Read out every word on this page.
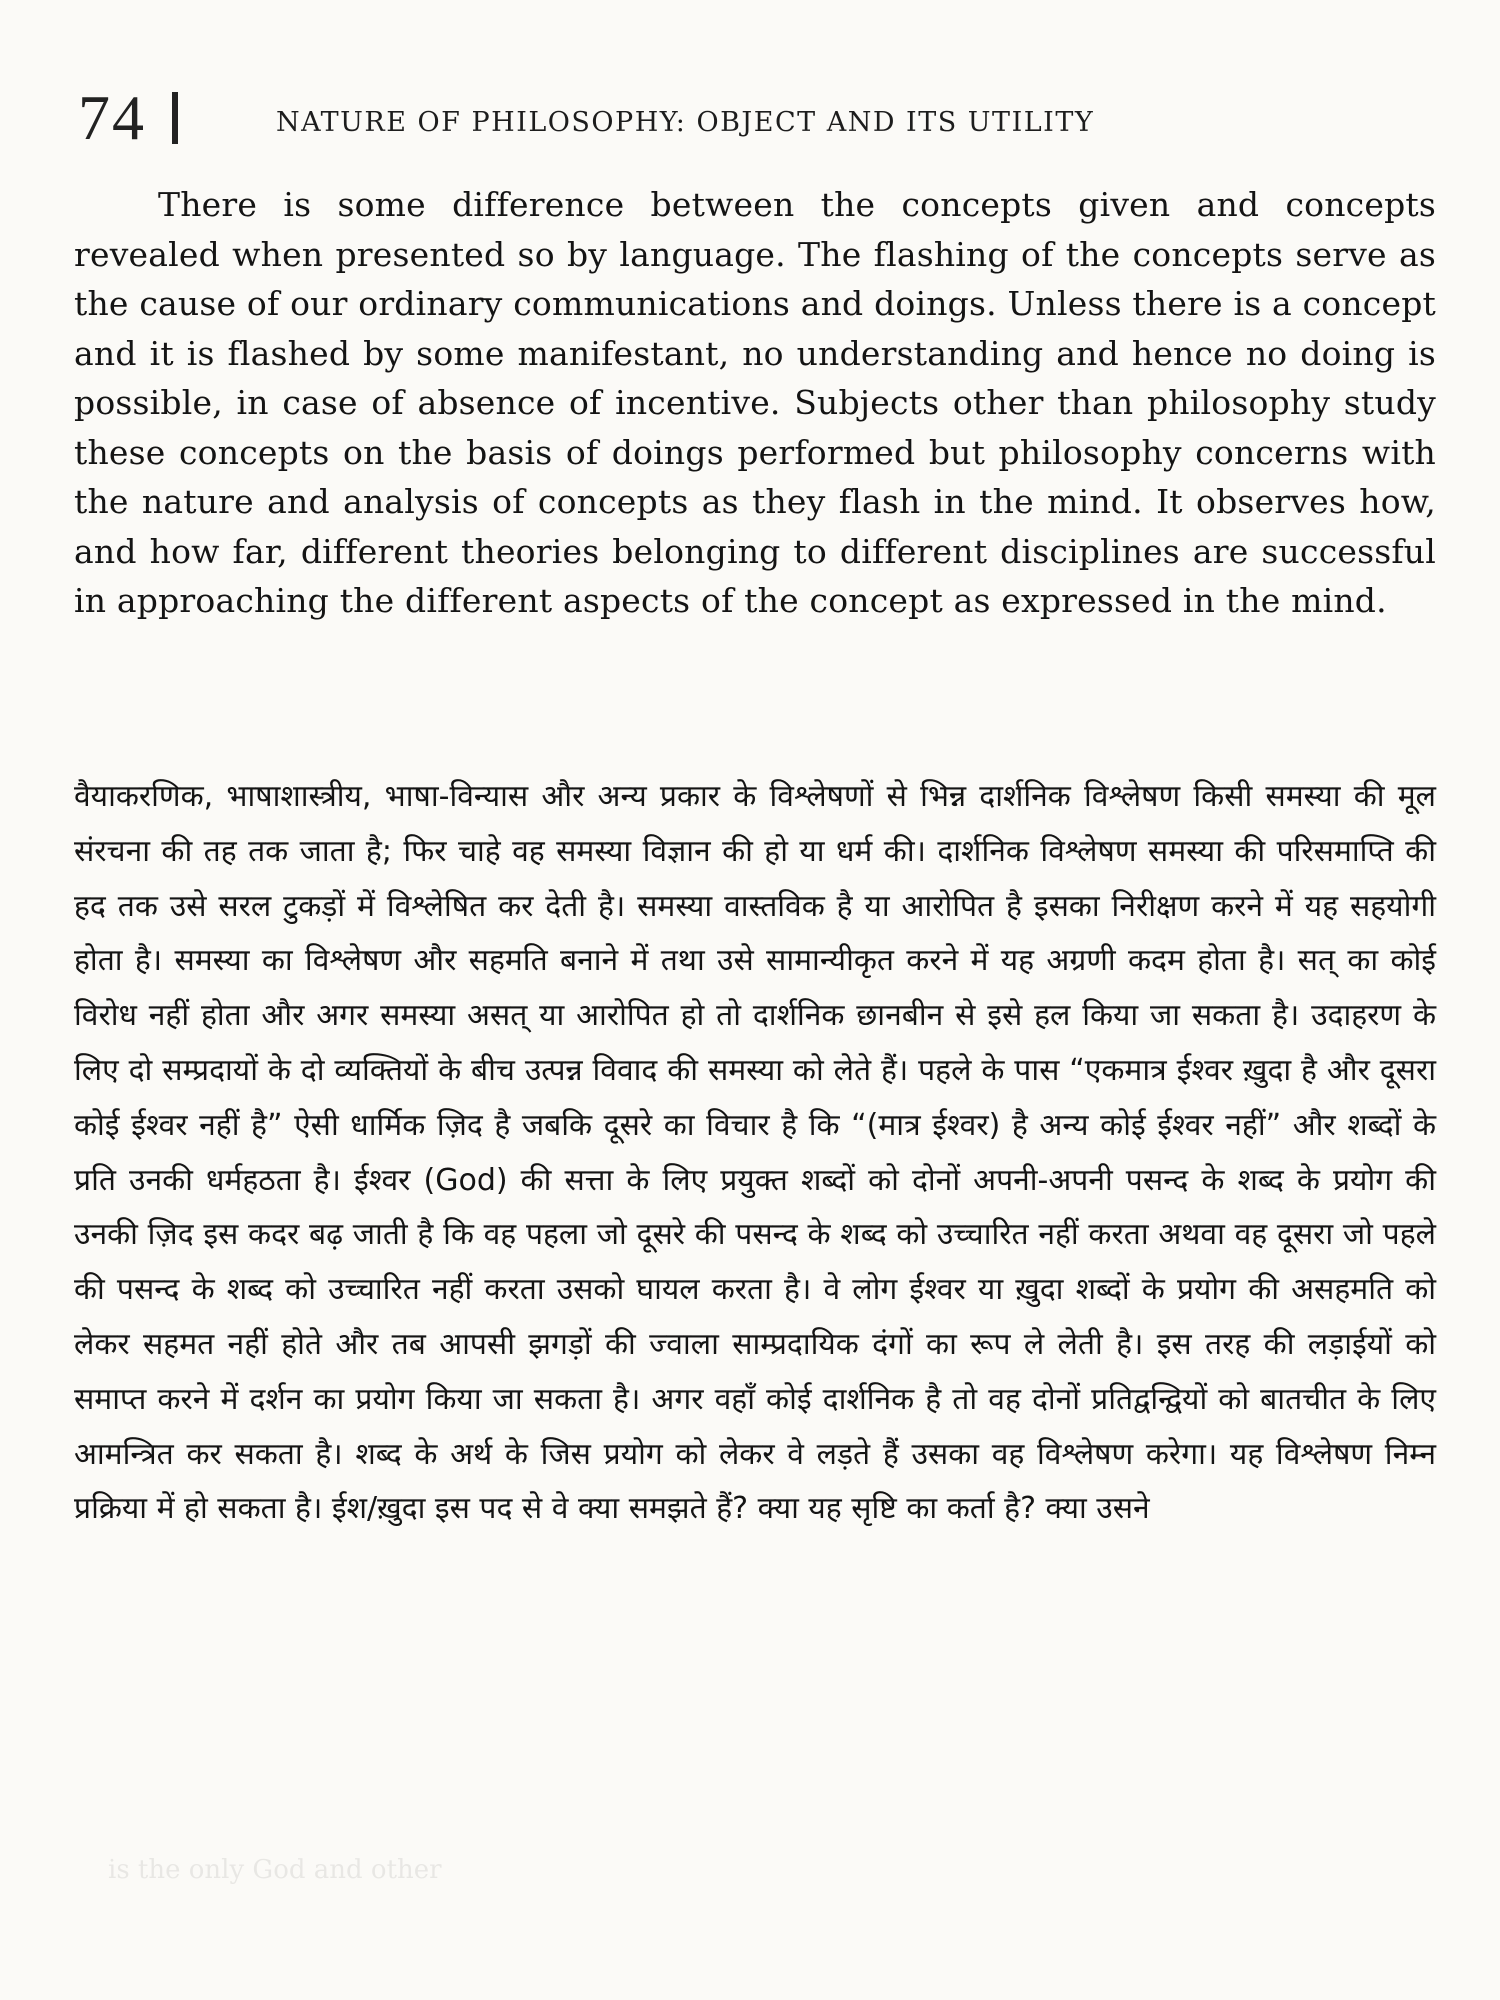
74	NATURE OF PHILOSOPHY: OBJECT AND ITS UTILITY

There is some difference between the concepts given and concepts revealed when presented so by language. The flashing of the concepts serve as the cause of our ordinary communications and doings. Unless there is a concept and it is flashed by some manifestant, no understanding and hence no doing is possible, in case of absence of incentive. Subjects other than philosophy study these concepts on the basis of doings performed but philosophy concerns with the nature and analysis of concepts as they flash in the mind. It observes how, and how far, different theories belonging to different disciplines are successful in approaching the different aspects of the concept as expressed in the mind.

वैयाकरणिक, भाषाशास्त्रीय, भाषा-विन्यास और अन्य प्रकार के विश्लेषणों से भिन्न दार्शनिक विश्लेषण किसी समस्या की मूल संरचना की तह तक जाता है; फिर चाहे वह समस्या विज्ञान की हो या धर्म की। दार्शनिक विश्लेषण समस्या की परिसमाप्ति की हद तक उसे सरल टुकड़ों में विश्लेषित कर देती है। समस्या वास्तविक है या आरोपित है इसका निरीक्षण करने में यह सहयोगी होता है। समस्या का विश्लेषण और सहमति बनाने में तथा उसे सामान्यीकृत करने में यह अग्रणी कदम होता है। सत् का कोई विरोध नहीं होता और अगर समस्या असत् या आरोपित हो तो दार्शनिक छानबीन से इसे हल किया जा सकता है। उदाहरण के लिए दो सम्प्रदायों के दो व्यक्तियों के बीच उत्पन्न विवाद की समस्या को लेते हैं। पहले के पास “एकमात्र ईश्वर ख़ुदा है और दूसरा कोई ईश्वर नहीं है” ऐसी धार्मिक ज़िद है जबकि दूसरे का विचार है कि “(मात्र ईश्वर) है अन्य कोई ईश्वर नहीं” और शब्दों के प्रति उनकी धर्महठता है। ईश्वर (God) की सत्ता के लिए प्रयुक्त शब्दों को दोनों अपनी-अपनी पसन्द के शब्द के प्रयोग की उनकी ज़िद इस कदर बढ़ जाती है कि वह पहला जो दूसरे की पसन्द के शब्द को उच्चारित नहीं करता अथवा वह दूसरा जो पहले की पसन्द के शब्द को उच्चारित नहीं करता उसको घायल करता है। वे लोग ईश्वर या ख़ुदा शब्दों के प्रयोग की असहमति को लेकर सहमत नहीं होते और तब आपसी झगड़ों की ज्वाला साम्प्रदायिक दंगों का रूप ले लेती है। इस तरह की लड़ाईयों को समाप्त करने में दर्शन का प्रयोग किया जा सकता है। अगर वहाँ कोई दार्शनिक है तो वह दोनों प्रतिद्वन्द्वियों को बातचीत के लिए आमन्त्रित कर सकता है। शब्द के अर्थ के जिस प्रयोग को लेकर वे लड़ते हैं उसका वह विश्लेषण करेगा। यह विश्लेषण निम्न प्रक्रिया में हो सकता है। ईश/ख़ुदा इस पद से वे क्या समझते हैं? क्या यह सृष्टि का कर्ता है? क्या उसने

is the only God and other
